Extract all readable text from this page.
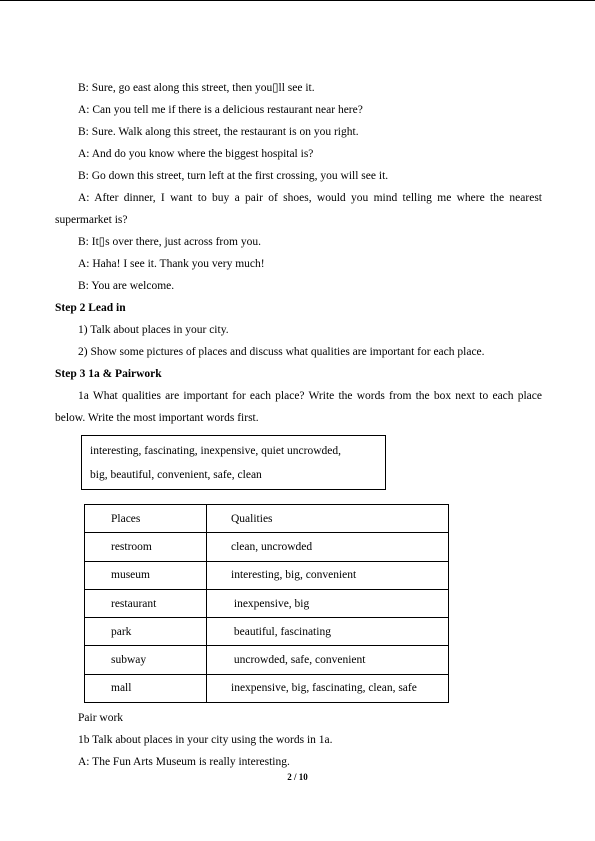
B: Sure, go east along this street, then you▯ll see it.
A: Can you tell me if there is a delicious restaurant near here?
B: Sure. Walk along this street, the restaurant is on you right.
A: And do you know where the biggest hospital is?
B: Go down this street, turn left at the first crossing, you will see it.
A: After dinner, I want to buy a pair of shoes, would you mind telling me where the nearest
supermarket is?
B: It▯s over there, just across from you.
A: Haha! I see it. Thank you very much!
B: You are welcome.
Step 2 Lead in
1) Talk about places in your city.
2) Show some pictures of places and discuss what qualities are important for each place.
Step 3 1a & Pairwork
1a What qualities are important for each place? Write the words from the box next to each place
below. Write the most important words first.
interesting, fascinating, inexpensive, quiet uncrowded,
big, beautiful, convenient, safe, clean
Places	Qualities
restroom	clean, uncrowded
museum	interesting, big, convenient
restaurant	inexpensive, big
park	beautiful, fascinating
subway	uncrowded, safe, convenient
mall	inexpensive, big, fascinating, clean, safe
Pair work
1b Talk about places in your city using the words in 1a.
A: The Fun Arts Museum is really interesting.
2 / 10
